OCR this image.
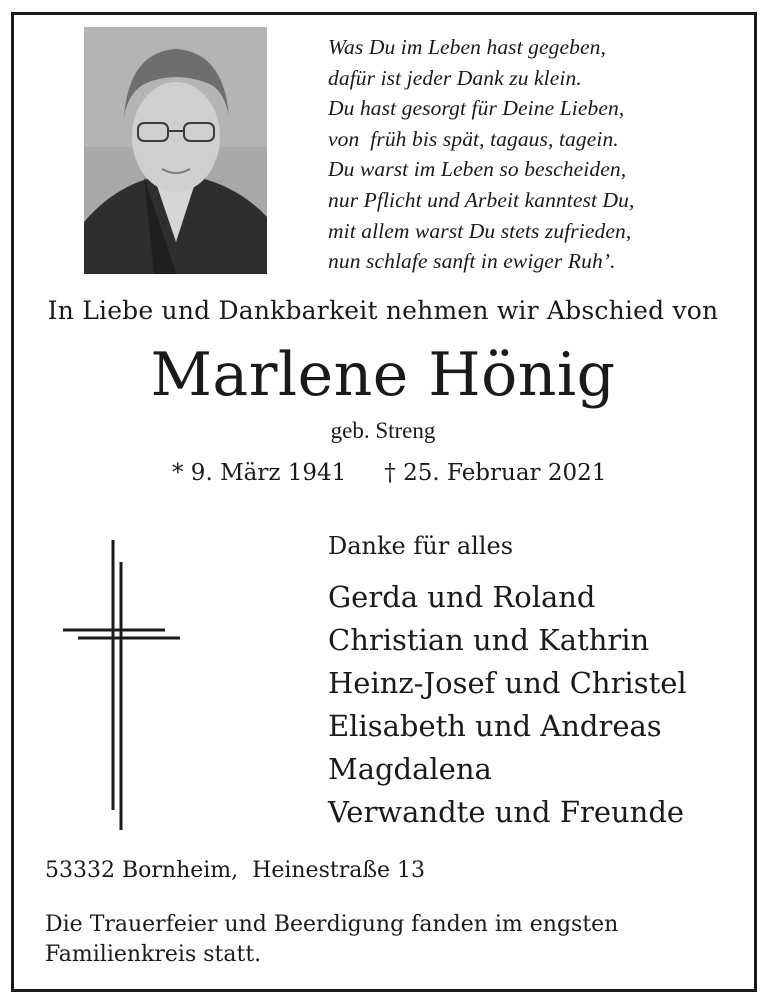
Was Du im Leben hast gegeben,
dafür ist jeder Dank zu klein.
Du hast gesorgt für Deine Lieben,
von  früh bis spät, tagaus, tagein.
Du warst im Leben so bescheiden,
nur Pflicht und Arbeit kanntest Du,
mit allem warst Du stets zufrieden,
nun schlafe sanft in ewiger Ruh’.
In Liebe und Dankbarkeit nehmen wir Abschied von
Marlene Hönig
geb. Streng
* 9. März 1941 † 25. Februar 2021
Danke für alles
Gerda und Roland
Christian und Kathrin
Heinz-Josef und Christel
Elisabeth und Andreas
Magdalena
Verwandte und Freunde
53332 Bornheim,  Heinestraße 13
Die Trauerfeier und Beerdigung fanden im engsten Familienkreis statt.
